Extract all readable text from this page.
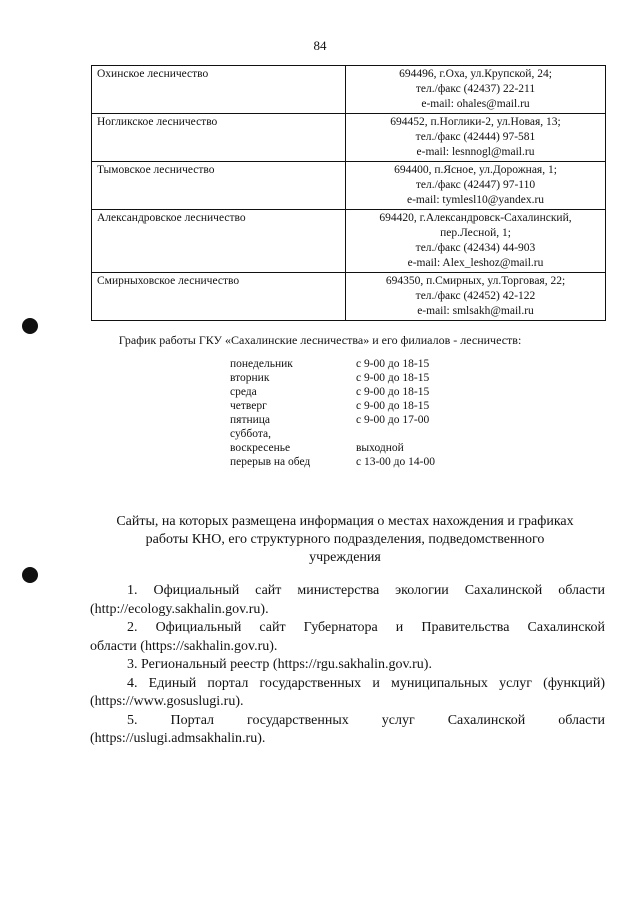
84
Охинское лесничество	694496, г.Оха, ул.Крупской, 24;
тел./факс (42437) 22-211
e-mail: ohales@mail.ru

Ногликское лесничество	694452, п.Ноглики-2, ул.Новая, 13;
тел./факс (42444) 97-581
e-mail: lesnnogl@mail.ru

Тымовское лесничество	694400, п.Ясное, ул.Дорожная, 1;
тел./факс (42447) 97-110
e-mail: tymlesl10@yandex.ru

Александровское лесничество	694420, г.Александровск-Сахалинский,
пер.Лесной, 1;
тел./факс (42434) 44-903
e-mail: Alex_leshoz@mail.ru

Смирныховское лесничество	694350, п.Смирных, ул.Торговая, 22;
тел./факс (42452) 42-122
e-mail: smlsakh@mail.ru
График работы ГКУ «Сахалинские лесничества» и его филиалов - лесничеств:
понедельник	с 9-00 до 18-15
вторник	с 9-00 до 18-15
среда	с 9-00 до 18-15
четверг	с 9-00 до 18-15
пятница	с 9-00 до 17-00
суббота,
воскресенье	выходной
перерыв на обед	с 13-00 до 14-00
Сайты, на которых размещена информация о местах нахождения и графиках
работы КНО, его структурного подразделения, подведомственного
учреждения

1. Официальный сайт министерства экологии Сахалинской области

(http://ecology.sakhalin.gov.ru).

2. Официальный сайт Губернатора и Правительства Сахалинской

области (https://sakhalin.gov.ru).

3. Региональный реестр (https://rgu.sakhalin.gov.ru).

4. Единый портал государственных и муниципальных услуг (функций)

(https://www.gosuslugi.ru).

5. Портал государственных услуг Сахалинской области

(https://uslugi.admsakhalin.ru).
